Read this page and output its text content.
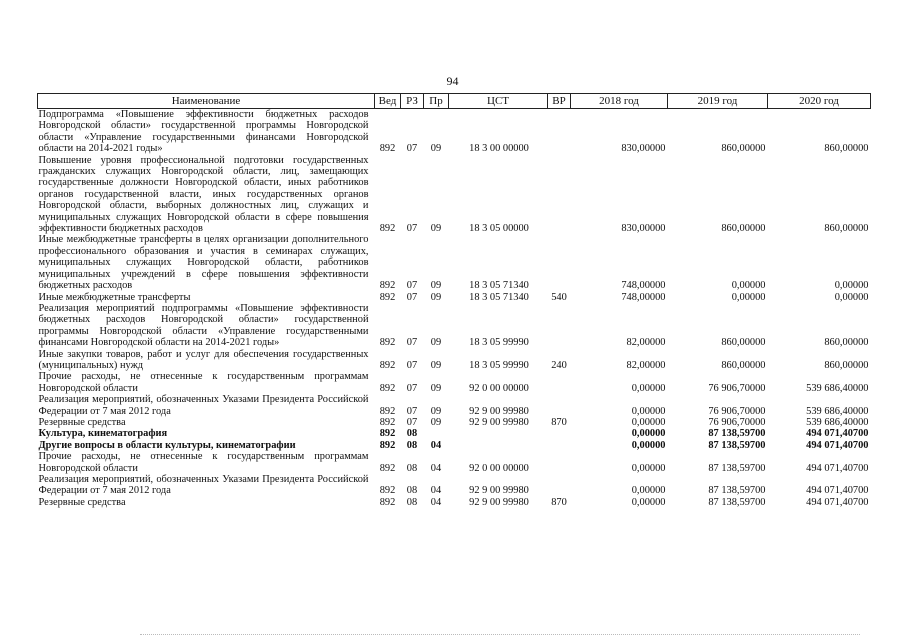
94
Наименование	Вед	РЗ	Пр	ЦСТ	ВР	2018 год	2019 год	2020 год
Подпрограмма «Повышение эффективности бюджетных расходов Новгородской области» государственной программы Новгородской области «Управление государственными финансами Новгородской области на 2014-2021 годы»	892	07	09	18 3 00 00000		830,00000	860,00000	860,00000
Повышение уровня профессиональной подготовки государственных гражданских служащих Новгородской области, лиц, замещающих государственные должности Новгородской области, иных работников органов государственной власти, иных государственных органов Новгородской области, выборных должностных лиц, служащих и муниципальных служащих Новгородской области в сфере повышения эффективности бюджетных расходов	892	07	09	18 3 05 00000		830,00000	860,00000	860,00000
Иные межбюджетные трансферты в целях организации дополнительного профессионального образования и участия в семинарах служащих, муниципальных служащих Новгородской области, работников муниципальных учреждений в сфере повышения эффективности бюджетных расходов	892	07	09	18 3 05 71340		748,00000	0,00000	0,00000
Иные межбюджетные трансферты	892	07	09	18 3 05 71340	540	748,00000	0,00000	0,00000
Реализация мероприятий подпрограммы «Повышение эффективности бюджетных расходов Новгородской области» государственной программы Новгородской области «Управление государственными финансами Новгородской области на 2014-2021 годы»	892	07	09	18 3 05 99990		82,00000	860,00000	860,00000
Иные закупки товаров, работ и услуг для обеспечения государственных (муниципальных) нужд	892	07	09	18 3 05 99990	240	82,00000	860,00000	860,00000
Прочие расходы, не отнесенные к государственным программам Новгородской области	892	07	09	92 0 00 00000		0,00000	76 906,70000	539 686,40000
Реализация мероприятий, обозначенных Указами Президента Российской Федерации от 7 мая 2012 года	892	07	09	92 9 00 99980		0,00000	76 906,70000	539 686,40000
Резервные средства	892	07	09	92 9 00 99980	870	0,00000	76 906,70000	539 686,40000
Культура, кинематография	892	08				0,00000	87 138,59700	494 071,40700
Другие вопросы в области культуры, кинематографии	892	08	04			0,00000	87 138,59700	494 071,40700
Прочие расходы, не отнесенные к государственным программам Новгородской области	892	08	04	92 0 00 00000		0,00000	87 138,59700	494 071,40700
Реализация мероприятий, обозначенных Указами Президента Российской Федерации от 7 мая 2012 года	892	08	04	92 9 00 99980		0,00000	87 138,59700	494 071,40700
Резервные средства	892	08	04	92 9 00 99980	870	0,00000	87 138,59700	494 071,40700
